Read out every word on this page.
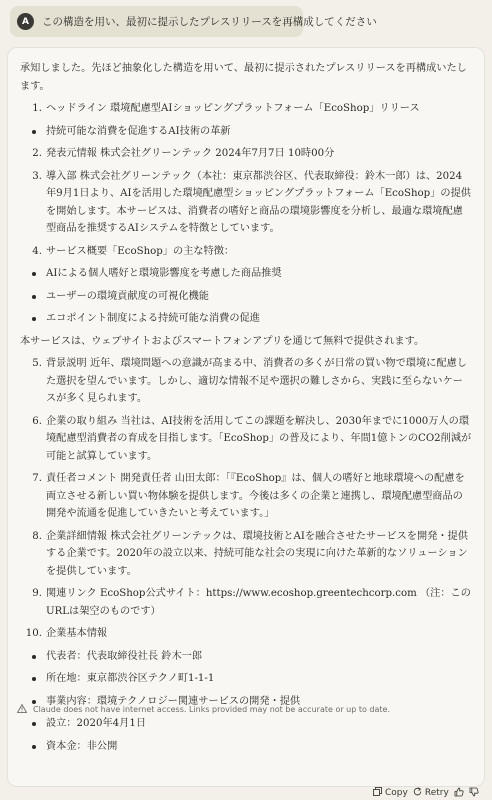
A	この構造を用い、最初に提示したプレスリリースを再構成してください

承知しました。先ほど抽象化した構造を用いて、最初に提示されたプレスリリースを再構成いたします。

1. ヘッドライン 環境配慮型AIショッピングプラットフォーム「EcoShop」リリース
持続可能な消費を促進するAI技術の革新
2. 発表元情報 株式会社グリーンテック 2024年7月7日 10時00分
3. 導入部 株式会社グリーンテック（本社：東京都渋谷区、代表取締役：鈴木一郎）は、2024年9月1日より、AIを活用した環境配慮型ショッピングプラットフォーム「EcoShop」の提供を開始します。本サービスは、消費者の嗜好と商品の環境影響度を分析し、最適な環境配慮型商品を推奨するAIシステムを特徴としています。
4. サービス概要「EcoShop」の主な特徴：
AIによる個人嗜好と環境影響度を考慮した商品推奨
ユーザーの環境貢献度の可視化機能
エコポイント制度による持続可能な消費の促進

本サービスは、ウェブサイトおよびスマートフォンアプリを通じて無料で提供されます。

5. 背景説明 近年、環境問題への意識が高まる中、消費者の多くが日常の買い物で環境に配慮した選択を望んでいます。しかし、適切な情報不足や選択の難しさから、実践に至らないケースが多く見られます。
6. 企業の取り組み 当社は、AI技術を活用してこの課題を解決し、2030年までに1000万人の環境配慮型消費者の育成を目指します。「EcoShop」の普及により、年間1億トンのCO2削減が可能と試算しています。
7. 責任者コメント 開発責任者 山田太郎：「『EcoShop』は、個人の嗜好と地球環境への配慮を両立させる新しい買い物体験を提供します。今後は多くの企業と連携し、環境配慮型商品の開発や流通を促進していきたいと考えています。」
8. 企業詳細情報 株式会社グリーンテックは、環境技術とAIを融合させたサービスを開発・提供する企業です。2020年の設立以来、持続可能な社会の実現に向けた革新的なソリューションを提供しています。
9. 関連リンク EcoShop公式サイト：https://www.ecoshop.greentechcorp.com （注：このURLは架空のものです）
10. 企業基本情報
代表者：代表取締役社長 鈴木一郎
所在地：東京都渋谷区テクノ町1-1-1
事業内容：環境テクノロジー関連サービスの開発・提供
設立：2020年4月1日
資本金：非公開
Claude does not have internet access. Links provided may not be accurate or up to date.
Copy Retry
